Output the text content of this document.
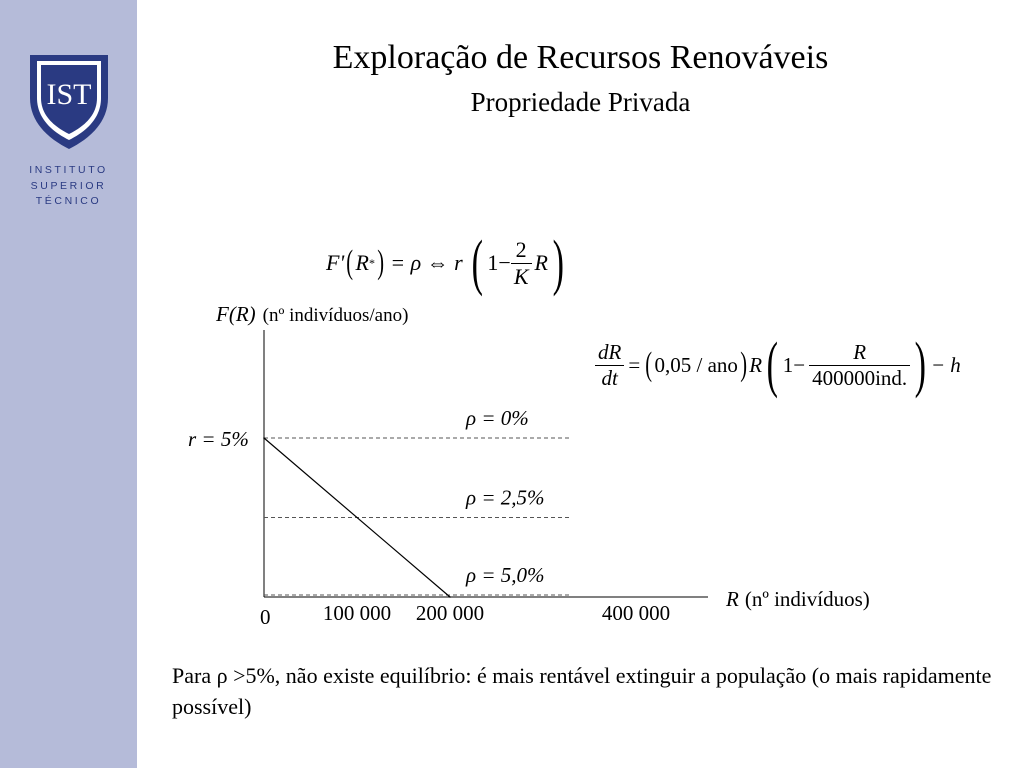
IST
INSTITUTO
SUPERIOR
TÉCNICO
Exploração de Recursos Renováveis
Propriedade Privada
F' ( R * ) = ρ ⇔ r ( $1- \frac{2}{K}$ R )
$\frac{dR}{dt}$ = ( 0,05 / ano ) R ( $1- \frac{R}{\text{400000ind.}}$ ) − h
F(R) (nº indivíduos/ano)
R (nº indivíduos)
0
r = 5%
ρ = 0%
ρ = 2,5%
ρ = 5,0%
100 000 200 000	400 000
Para ρ >5%, não existe equilíbrio: é mais rentável extinguir a população (o mais rapidamente possível)
